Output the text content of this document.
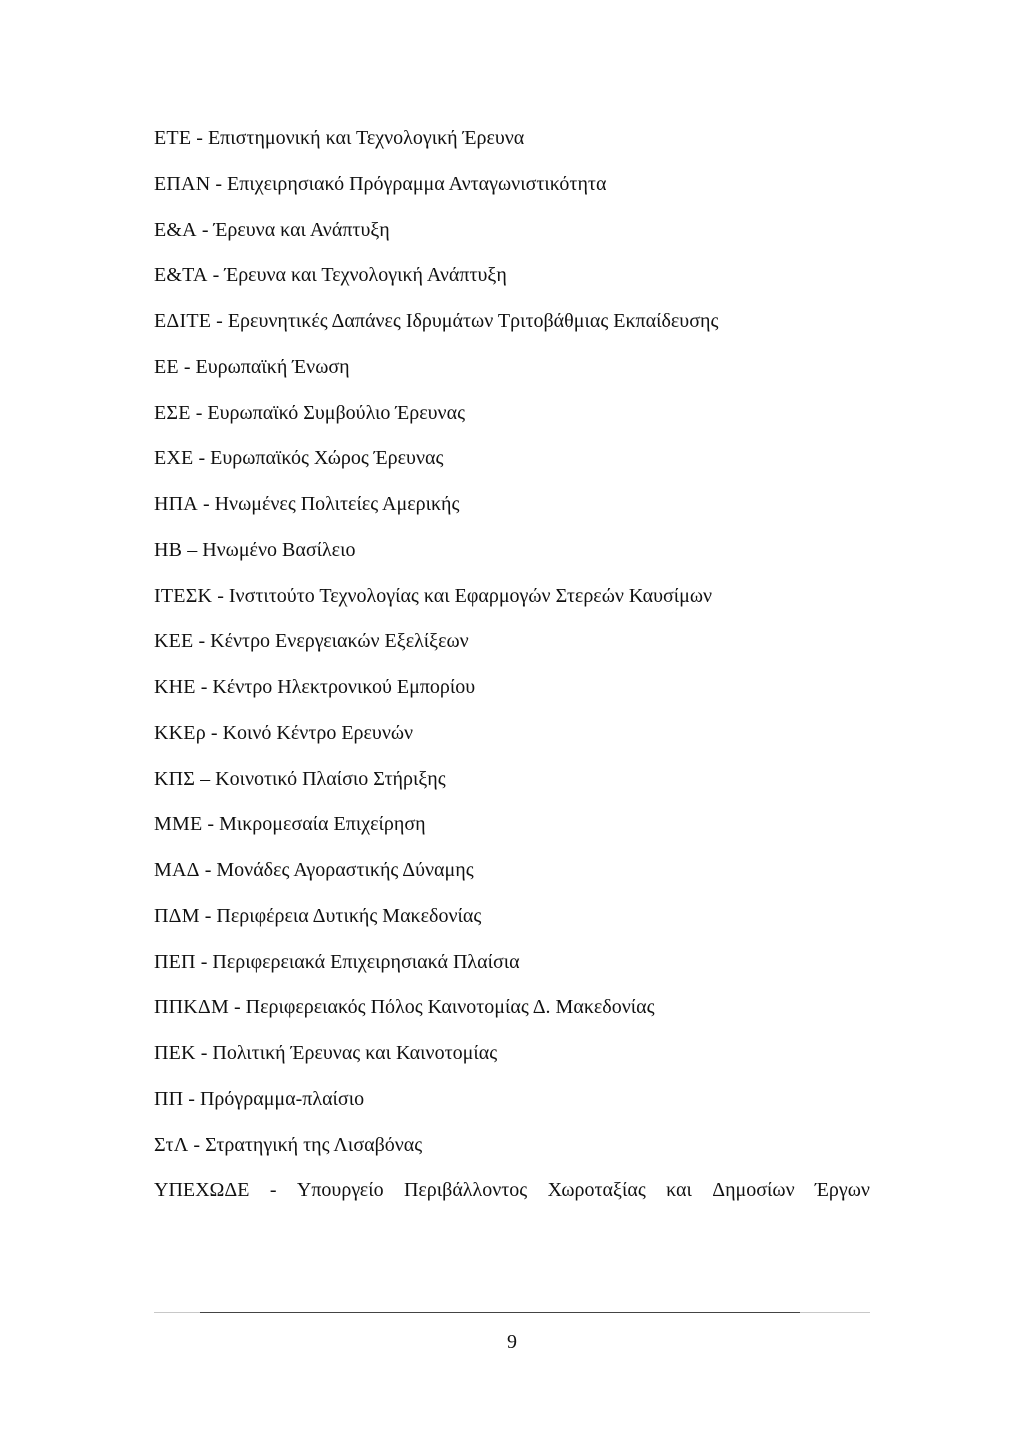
ΕΤΕ - Επιστημονική και Τεχνολογική Έρευνα
ΕΠΑΝ - Επιχειρησιακό Πρόγραμμα Ανταγωνιστικότητα
Ε&Α - Έρευνα και Ανάπτυξη
Ε&ΤΑ - Έρευνα και Τεχνολογική Ανάπτυξη
ΕΔΙΤΕ - Ερευνητικές Δαπάνες Ιδρυμάτων Τριτοβάθμιας Εκπαίδευσης
ΕΕ - Ευρωπαϊκή Ένωση
ΕΣΕ - Ευρωπαϊκό Συμβούλιο Έρευνας
ΕΧΕ - Ευρωπαϊκός Χώρος Έρευνας
ΗΠΑ - Ηνωμένες Πολιτείες Αμερικής
ΗΒ – Ηνωμένο Βασίλειο
ΙΤΕΣΚ - Ινστιτούτο Τεχνολογίας και Εφαρμογών Στερεών Καυσίμων
ΚΕΕ - Κέντρο Ενεργειακών Εξελίξεων
ΚΗΕ - Κέντρο Ηλεκτρονικού Εμπορίου
ΚΚΕρ - Κοινό Κέντρο Ερευνών
ΚΠΣ – Κοινοτικό Πλαίσιο Στήριξης
ΜΜΕ - Μικρομεσαία Επιχείρηση
ΜΑΔ - Μονάδες Αγοραστικής Δύναμης
ΠΔΜ - Περιφέρεια Δυτικής Μακεδονίας
ΠΕΠ - Περιφερειακά Επιχειρησιακά Πλαίσια
ΠΠΚΔΜ - Περιφερειακός Πόλος Καινοτομίας Δ. Μακεδονίας
ΠΕΚ - Πολιτική Έρευνας και Καινοτομίας
ΠΠ - Πρόγραμμα-πλαίσιο
ΣτΛ - Στρατηγική της Λισαβόνας
ΥΠΕΧΩΔΕ - Υπουργείο Περιβάλλοντος Χωροταξίας και Δημοσίων Έργων
9
